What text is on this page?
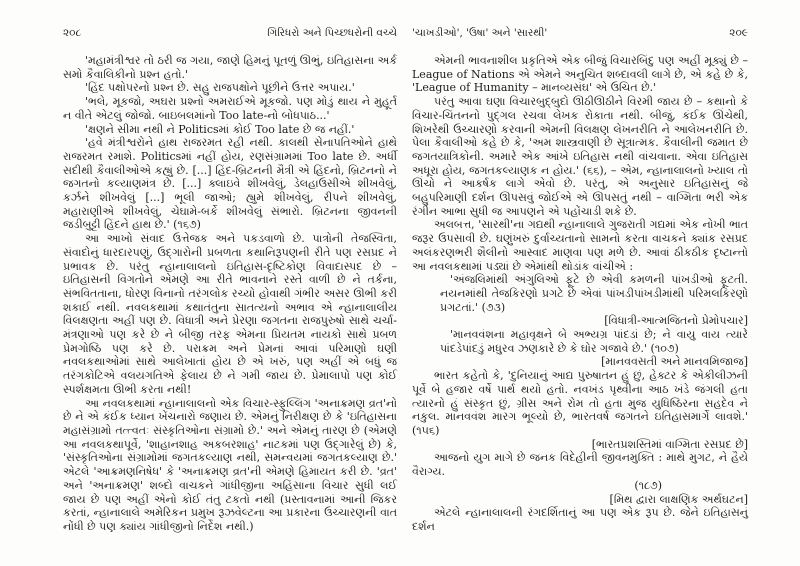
૨૦૮	ગિરિધરો અને પિચ્છધરોની વચ્ચે

'મહામંત્રીશ્વર તો ઠરી જ ગયા, જાણે હિમનું પૂતળું ઊભું, ઇતિહાસના અર્ક સમો કૈવાલિકીનો પ્રશ્ન હતો.'

'હિંદ પક્ષોપરનો પ્રશ્ન છે. સહુ રાજપક્ષોને પૂછીને ઉત્તર અપાય.'

'ભલે, મૂકજો, અઘરા પ્રશ્નો અમરાઈએ મૂકજો. પણ મોડું થાય ને મુહૂર્ત ન વીતે એટલું જોજો. બાઇબલમાંનો Too late-નો બોધપાઠ...'

'ક્ષણને સીમા નથી ને Politicsમાં કોઈ Too late છે જ નહીં.'

'હવે મંત્રીશ્વરોને હાથ રાજરમત રહી નથી. કાલથી સેનાપતિઓને હાથે રાજરમત રમાશે. Politicsમાં નહીં હોય, રણસંગ્રામમાં Too late છે. અર્ધી સદીથી કૈવાલીઓએ કહ્યું છે. [...] હિંદ-બ્રિટનની મૈત્રી એ હિંદનો, બ્રિટનનો ને જગતનો કલ્યાણમંત્ર છે. [...] ક્લાઇવે શીખવેલું, ડેલહાઉસીએ શીખવેલું, કર્ઝને શીખવેલું [...] ભૂલી જાઓ; હ્યુમે શીખવેલું, રીપને શીખવેલું, મહારાણીએ શીખવેલું, ચેઘામે-બર્કે શીખવેલું સંભારો. બ્રિટનના જીવનની જડીબુટ્ટી હિંદને હાથ છે.' (૧૬૭)

આ આખો સંવાદ ઉત્તેજક અને પકડવાળો છે. પાત્રોની તેજસ્વિતા, સંવાદોનું ધારદારપણું, ઉદ્ગારોની પ્રબળતા કથાનિરૂપણની રીતે પણ રસપ્રદ ને પ્રભાવક છે. પરંતુ ન્હાનાલાલનો ઇતિહાસ-દૃષ્ટિકોણ વિવાદાસ્પદ છે – ઇતિહાસની વિગતોને એમણે આ રીતે ભાવનાને રસ્તે વાળી છે ને તર્કના, સંભવિતતાના, ધોરણ વિનાનો તરંગલોક રચ્યો હોવાથી ગંભીર અસર ઊભી કરી શકાઈ નથી. નવલકથામાં કથાતંતુના સાતત્યનો અભાવ એ ન્હાનાલાલીય વિલક્ષણતા અહીં પણ છે. વિધાત્રી અને પ્રેરણા જગતના રાજપુરુષો સાથે ચર્ચા-મંત્રણાઓ પણ કરે છે ને બીજી તરફ એમના પ્રિયતમ નાયકો સાથે પ્રબળ પ્રેમગોષ્ઠિ પણ કરે છે. પરાક્રમ અને પ્રેમનાં આવાં પરિમાણો ઘણી નવલકથાઓમાં સાથે આલેખાતાં હોય છે એ ખરું, પણ અહીં એ બધું જ તરંગકોટિએ વલયગતિએ ફેલાય છે ને ગમી જાય છે. પ્રેમાલાપો પણ કોઈ સ્પર્શક્ષમતા ઊભી કરતા નથી!

આ નવલકથામાં ન્હાનાલાલનો એક વિચાર-સ્ફુલ્લિંગ 'અનાક્રમણ વ્રત'નો છે ને એ કંઈક ધ્યાન ખેંચનારો જણાય છે. એમનું નિરીક્ષણ છે કે 'ઇતિહાસના મહાસંગ્રામો તત્ત્વતઃ સંસ્કૃતિઓના સંગ્રામો છે.' અને એમનું તારણ છે (એમણે આ નવલકથાપૂર્વે, 'શાહાનશાહ અકબરશાહ' નાટકમાં પણ ઉદ્ગારેલું છે) કે, 'સંસ્કૃતિઓના સંગ્રામોમાં જગતકલ્યાણ નથી, સમન્વયમાં જગતકલ્યાણ છે.' એટલે 'આક્રમણનિષેધ' કે 'અનાક્રમણ વ્રત'ની એમણે હિમાયત કરી છે. 'વ્રત' અને 'અનાક્રમણ' શબ્દો વાચકને ગાંધીજીના અહિંસાના વિચાર સુધી લઈ જાય છે પણ અહીં એનો કોઈ તંતુ ટકતો નથી (પ્રસ્તાવનામાં આની જિકર કરતાં, ન્હાનાલાલે અમેરિકન પ્રમુખ રૂઝવેલ્ટના આ પ્રકારના ઉચ્ચારણની વાત નોંધી છે પણ ક્યાંય ગાંધીજીનો નિર્દેશ નથી.)

'ચાખડીઓ', 'ઉષા' અને 'સારથી'	૨૦૯

એમની ભાવનાશીલ પ્રકૃતિએ એક બીજું વિચારબિંદુ પણ અહીં મૂક્યું છે – League of Nations એ એમને અનુચિત શબ્દાવલી લાગે છે, એ કહે છે કે, 'League of Humanity – માનવ્યસંઘ' એ ઉચિત છે.'

પરંતુ આવા ઘણા વિચારબુદ્બુદો ઊઠીઊઠીને વિરમી જાય છે – કથાનો કે વિચાર-ચિંતનનો પુદ્ગલ રચવા લેખક રોકાતા નથી. બીજું, કંઈક ઊંચેથી, શિખરેથી ઉચ્ચારણો કરવાની એમની વિલક્ષણ લેખનરીતિ ને આલેખનરીતિ છે. પેલા કૈવાલીઓ કહે છે કે, 'અમ શાસ્ત્રવાણી છે સૂત્રાત્મક. કૈવાલીની જમાત છે જગતયાત્રિકોની. અમારે એક આંખે ઇતિહાસ નથી વાંચવાના. એવા ઇતિહાસ અધૂરા હોય, જગતકલ્યાણક ન હોય.' (૬૬), – એમ, ન્હાનાલાલનો ખ્યાલ તો ઊંચો ને આકર્ષક લાગે એવો છે. પરંતુ, એ અનુસાર ઇતિહાસનું જે બહુપરિમાણી દર્શન ઊપસવું જોઈએ એ ઊપસતું નથી – વાગ્મિતા ભરી એક રંગીન આભા સુધી જ આપણને એ પહોંચાડી શકે છે.

અલબત્ત, 'સારથી'ના ગદ્યથી ન્હાનાલાલે ગુજરાતી ગદ્યમાં એક નોખી ભાત જરૂર ઉપસાવી છે. ઘણુંખરું દુર્વાચ્યતાનો સામનો કરતા વાચકને ક્યાંક રસપ્રદ અલંકરણભરી શૈલીનો આસ્વાદ માણવા પણ મળે છે. આવાં ઠીકઠીક દૃષ્ટાન્તો આ નવલકથામાં પડ્યાં છે એમાંથી થોડાંક વાંચીએ :

'અંજલિમાંથી અંગુલિઓ ફૂટે છે એવી કમળની પાંખડીઓ ફૂટતી. નયનમાંથી તેજકિરણો પ્રગટે છે એવાં પાંખડીપાંખડીમાંથી પરિમલકિરણો પ્રગટતાં.' (૭૩)

[વિધાત્રી-આત્મજિતનો પ્રેમોપચાર]

'માનવવંશના મહાવૃક્ષને બે અભ્યગ્ર પાંદડાં છે; ને વાયુ વાય ત્યારે પાંદડેપાંદડું મધુરવ ઝણકારે છે કે ઘોર ગજાવે છે.' (૧૦૭)

[માનવવસતી અને માનવમિજાજ]

ભારત કહેતો કે, 'દુનિયાનું આદ્ય પુરુષાતન હું છું, હેક્ટર કે એકીલીઝની પૂર્વે બે હજાર વર્ષે પાર્થ થયો હતો. નવખંડ પૃથ્વીના આઠ ખંડે જંગલી હતા ત્યારનો હું સંસ્કૃત છું, ગ્રીસ અને રોમ તો હતા મુજ યુધિષ્ઠિરના સહદેવ ને નકુલ. માનવવંશ મારગ ભૂલ્યો છે, ભારતવર્ષ જગતને ઇતિહાસમાર્ગે લાવશે.' (૧૫૬)

[ભારતપ્રશસ્તિમાં વાગ્મિતા રસપ્રદ છે]

આજનો યુગ માગે છે જનક વિદેહીની જીવનમુક્તિ : માથે મુગટ, ને હૈયે વૈરાગ્ય.

(૧૮૭)

[મિથ દ્વારા લાક્ષણિક અર્થઘટન]

એટલે ન્હાનાલાલની રંગદર્શિતાનું આ પણ એક રૂપ છે. જેને ઇતિહાસનું દર્શન
